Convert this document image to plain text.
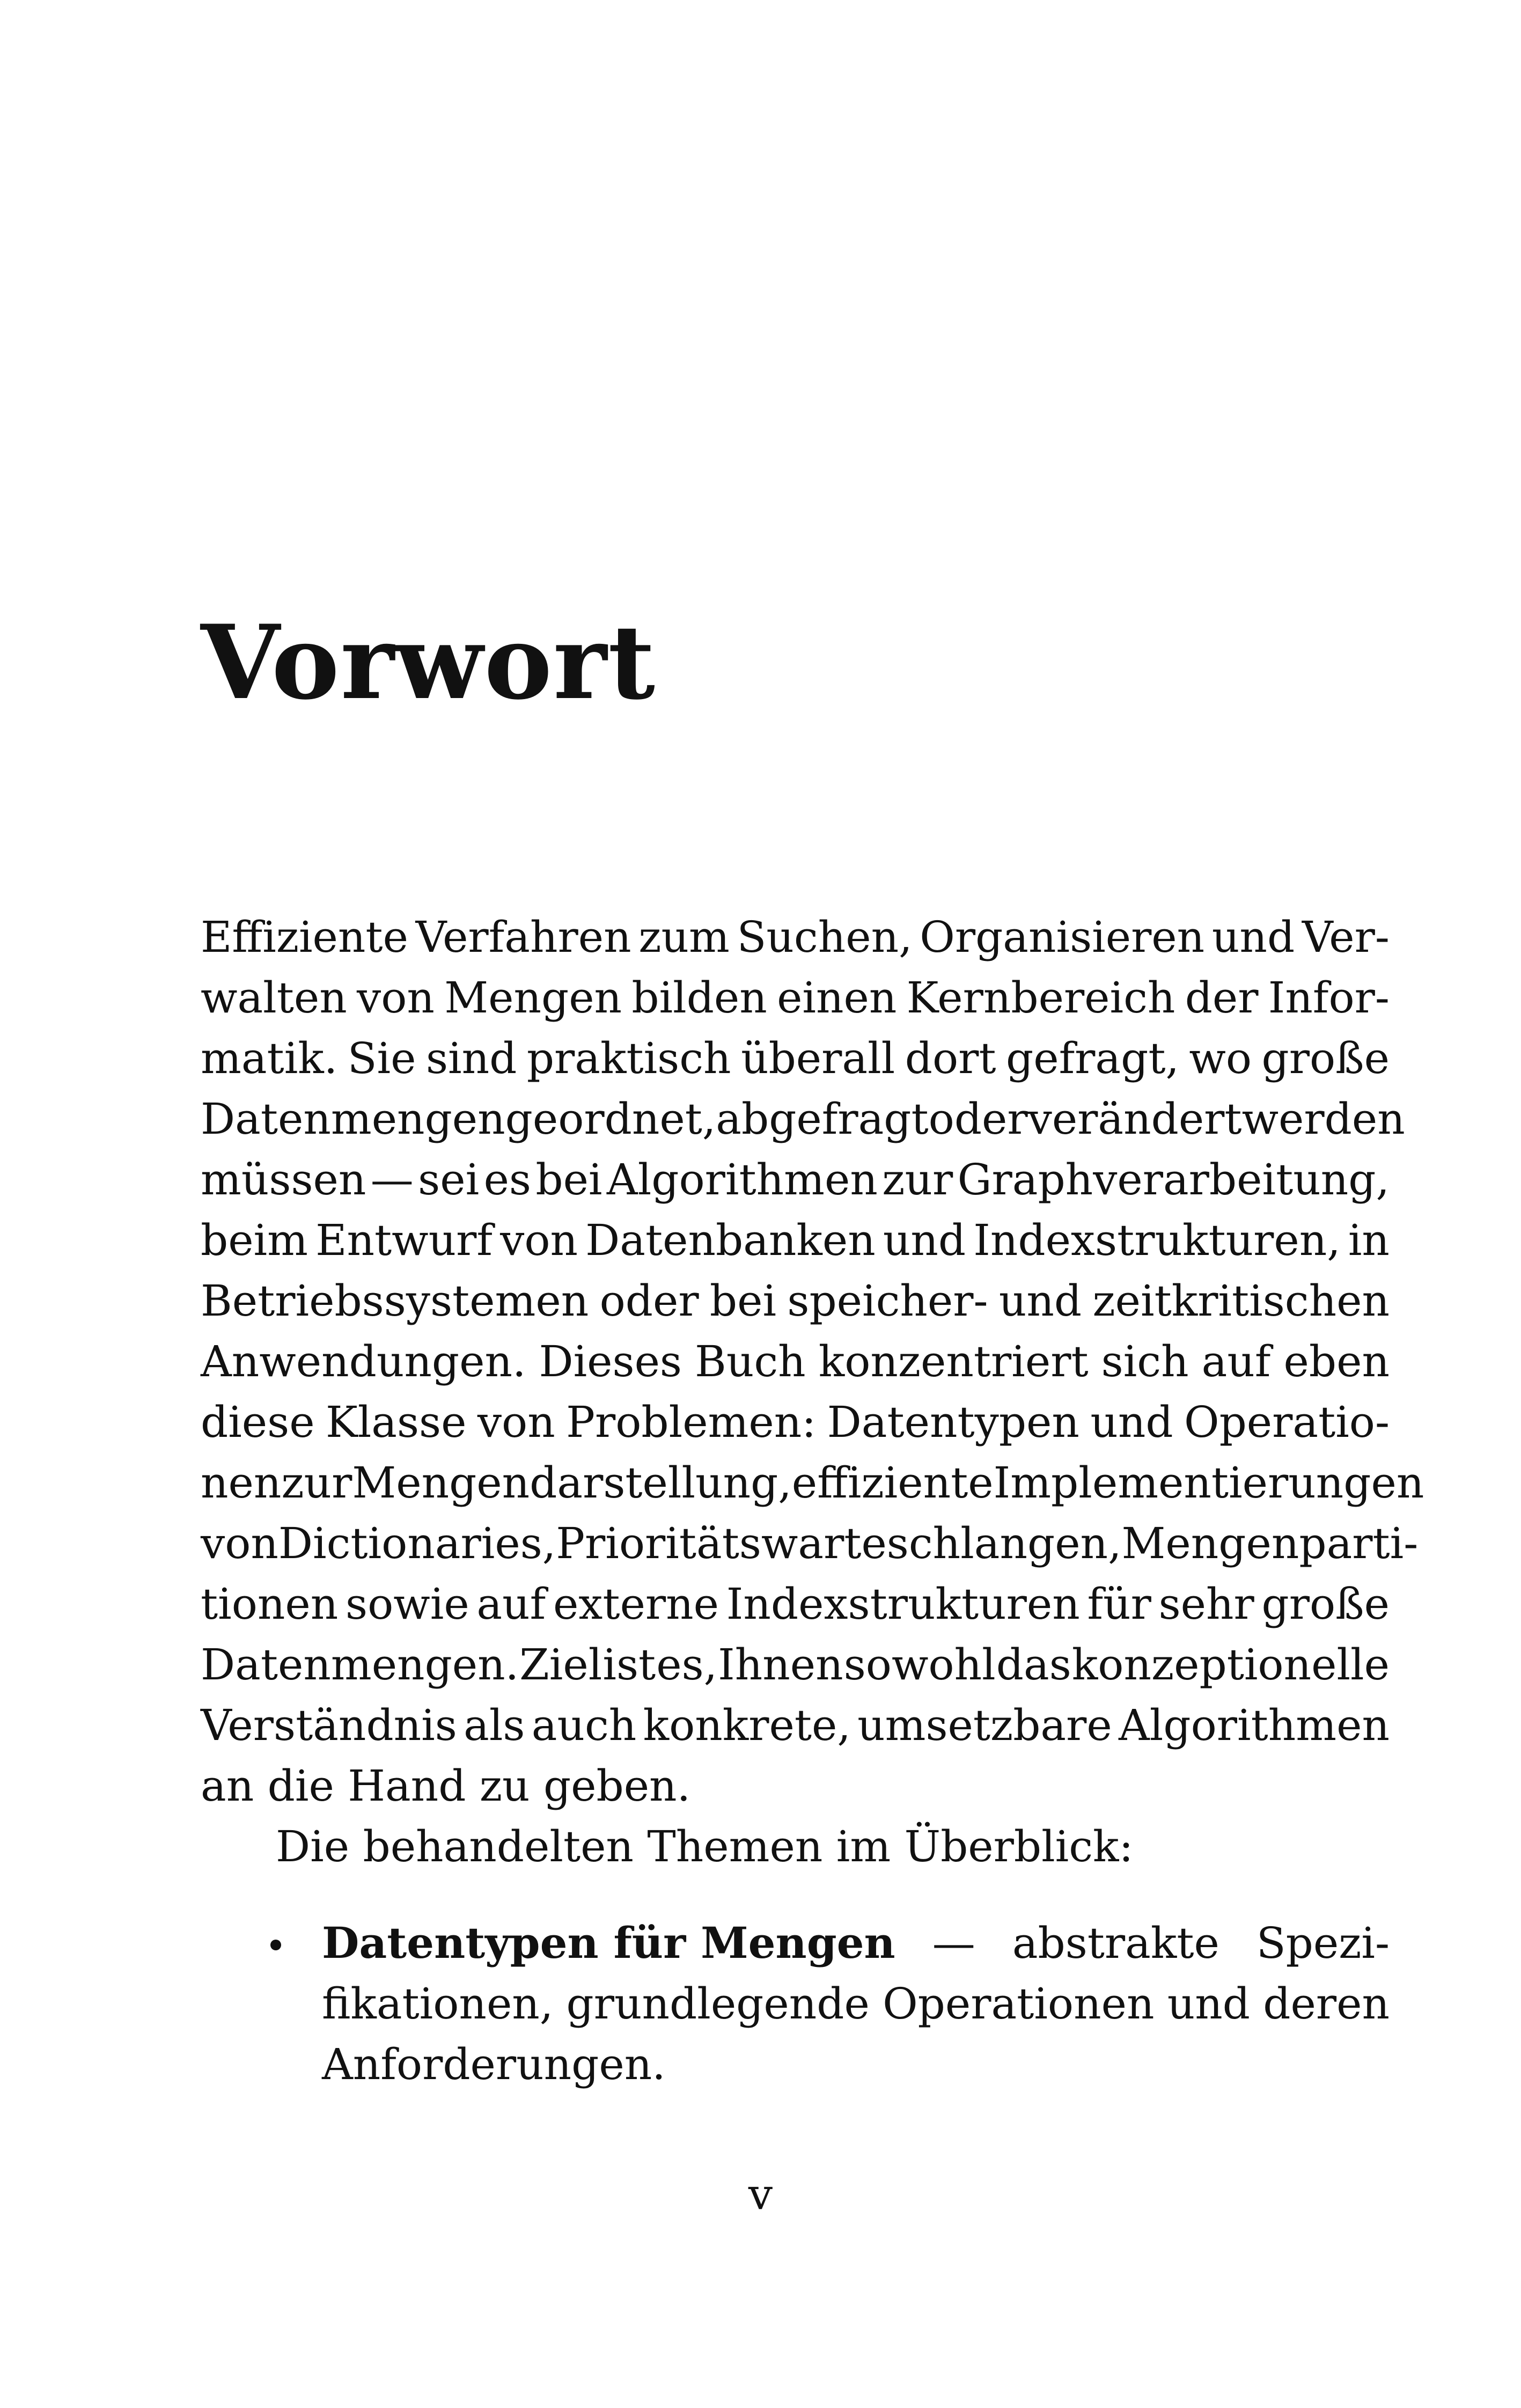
Vorwort
Effiziente Verfahren zum Suchen, Organisieren und Ver-
walten von Mengen bilden einen Kernbereich der Infor-
matik. Sie sind praktisch überall dort gefragt, wo große
Datenmengen geordnet, abgefragt oder verändert werden
müssen — sei es bei Algorithmen zur Graphverarbeitung,
beim Entwurf von Datenbanken und Indexstrukturen, in
Betriebssystemen oder bei speicher- und zeitkritischen
Anwendungen. Dieses Buch konzentriert sich auf eben
diese Klasse von Problemen: Datentypen und Operatio-
nen zur Mengendarstellung, effiziente Implementierungen
von Dictionaries, Prioritätswarteschlangen, Mengenparti-
tionen sowie auf externe Indexstrukturen für sehr große
Datenmengen. Ziel ist es, Ihnen sowohl das konzeptionelle
Verständnis als auch konkrete, umsetzbare Algorithmen
an die Hand zu geben.
Die behandelten Themen im Überblick:
Datentypen für Mengen — abstrakte Spezi-
fikationen, grundlegende Operationen und deren
Anforderungen.
v
